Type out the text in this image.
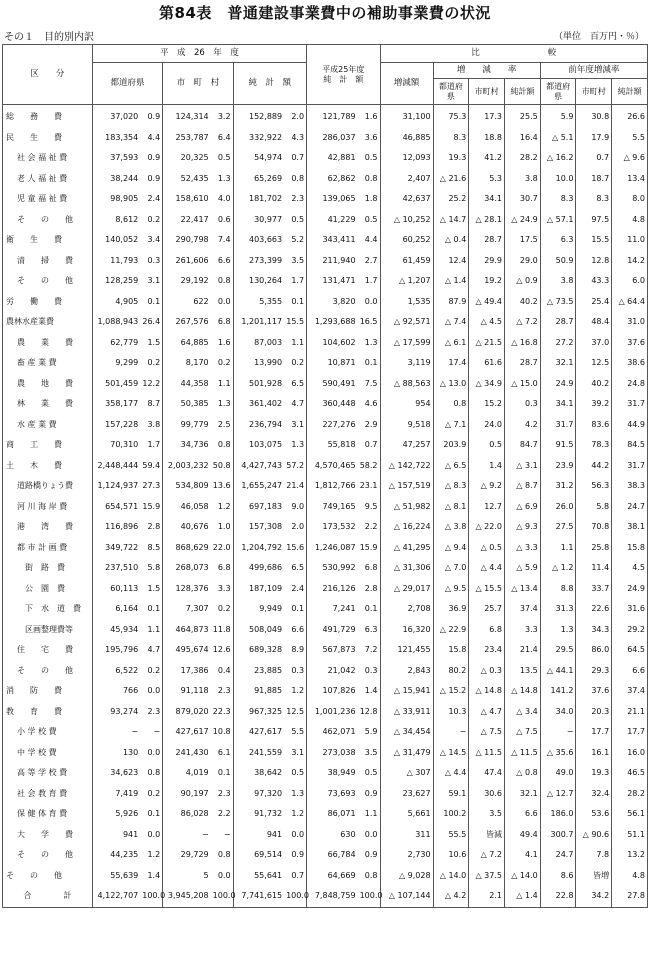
第84表　普通建設事業費中の補助事業費の状況
その１　目的別内訳	（単位　百万円・％）
区　　分	平　成　26　年　度						平成25年度
純　計　額		比　　　　　　　　較						
	都道府県		市　町　村		純　計　額				増減額	増　　減　　率			前年度増減率		
										都道府県	市町村	純計額	都道府県	市町村	純計額
総　　務　　費	37,020	0.9	124,314	3.2	152,889	2.0	121,789	1.6	31,100	75.3	17.3	25.5	5.9	30.8	26.6
民　　生　　費	183,354	4.4	253,787	6.4	332,922	4.3	286,037	3.6	46,885	8.3	18.8	16.4	△ 5.1	17.9	5.5
社 会 福 祉 費	37,593	0.9	20,325	0.5	54,974	0.7	42,881	0.5	12,093	19.3	41.2	28.2	△ 16.2	0.7	△ 9.6
老 人 福 祉 費	38,244	0.9	52,435	1.3	65,269	0.8	62,862	0.8	2,407	△ 21.6	5.3	3.8	10.0	18.7	13.4
児 童 福 祉 費	98,905	2.4	158,610	4.0	181,702	2.3	139,065	1.8	42,637	25.2	34.1	30.7	8.3	8.3	8.0
そ　　の　　他	8,612	0.2	22,417	0.6	30,977	0.5	41,229	0.5	△ 10,252	△ 14.7	△ 28.1	△ 24.9	△ 57.1	97.5	4.8
衛　　生　　費	140,052	3.4	290,798	7.4	403,663	5.2	343,411	4.4	60,252	△ 0.4	28.7	17.5	6.3	15.5	11.0
清　　掃　　費	11,793	0.3	261,606	6.6	273,399	3.5	211,940	2.7	61,459	12.4	29.9	29.0	50.9	12.8	14.2
そ　　の　　他	128,259	3.1	29,192	0.8	130,264	1.7	131,471	1.7	△ 1,207	△ 1.4	19.2	△ 0.9	3.8	43.3	6.0
労　　働　　費	4,905	0.1	622	0.0	5,355	0.1	3,820	0.0	1,535	87.9	△ 49.4	40.2	△ 73.5	25.4	△ 64.4
農林水産業費	1,088,943	26.4	267,576	6.8	1,201,117	15.5	1,293,688	16.5	△ 92,571	△ 7.4	△ 4.5	△ 7.2	28.7	48.4	31.0
農　　業　　費	62,779	1.5	64,885	1.6	87,003	1.1	104,602	1.3	△ 17,599	△ 6.1	△ 21.5	△ 16.8	27.2	37.0	37.6
畜 産 業 費	9,299	0.2	8,170	0.2	13,990	0.2	10,871	0.1	3,119	17.4	61.6	28.7	32.1	12.5	38.6
農　　地　　費	501,459	12.2	44,358	1.1	501,928	6.5	590,491	7.5	△ 88,563	△ 13.0	△ 34.9	△ 15.0	24.9	40.2	24.8
林　　業　　費	358,177	8.7	50,385	1.3	361,402	4.7	360,448	4.6	954	0.8	15.2	0.3	34.1	39.2	31.7
水 産 業 費	157,228	3.8	99,779	2.5	236,794	3.1	227,276	2.9	9,518	△ 7.1	24.0	4.2	31.7	83.6	44.9
商　　工　　費	70,310	1.7	34,736	0.8	103,075	1.3	55,818	0.7	47,257	203.9	0.5	84.7	91.5	78.3	84.5
土　　木　　費	2,448,444	59.4	2,003,232	50.8	4,427,743	57.2	4,570,465	58.2	△ 142,722	△ 6.5	1.4	△ 3.1	23.9	44.2	31.7
道路橋りょう費	1,124,937	27.3	534,809	13.6	1,655,247	21.4	1,812,766	23.1	△ 157,519	△ 8.3	△ 9.2	△ 8.7	31.2	56.3	38.3
河 川 海 岸 費	654,571	15.9	46,058	1.2	697,183	9.0	749,165	9.5	△ 51,982	△ 8.1	12.7	△ 6.9	26.0	5.8	24.7
港　　湾　　費	116,896	2.8	40,676	1.0	157,308	2.0	173,532	2.2	△ 16,224	△ 3.8	△ 22.0	△ 9.3	27.5	70.8	38.1
都 市 計 画 費	349,722	8.5	868,629	22.0	1,204,792	15.6	1,246,087	15.9	△ 41,295	△ 9.4	△ 0.5	△ 3.3	1.1	25.8	15.8
街　路　費	237,510	5.8	268,073	6.8	499,686	6.5	530,992	6.8	△ 31,306	△ 7.0	△ 4.4	△ 5.9	△ 1.2	11.4	4.5
公　園　費	60,113	1.5	128,376	3.3	187,109	2.4	216,126	2.8	△ 29,017	△ 9.5	△ 15.5	△ 13.4	8.8	33.7	24.9
下　水　道　費	6,164	0.1	7,307	0.2	9,949	0.1	7,241	0.1	2,708	36.9	25.7	37.4	31.3	22.6	31.6
区画整理費等	45,934	1.1	464,873	11.8	508,049	6.6	491,729	6.3	16,320	△ 22.9	6.8	3.3	1.3	34.3	29.2
住　　宅　　費	195,796	4.7	495,674	12.6	689,328	8.9	567,873	7.2	121,455	15.8	23.4	21.4	29.5	86.0	64.5
そ　　の　　他	6,522	0.2	17,386	0.4	23,885	0.3	21,042	0.3	2,843	80.2	△ 0.3	13.5	△ 44.1	29.3	6.6
消　　防　　費	766	0.0	91,118	2.3	91,885	1.2	107,826	1.4	△ 15,941	△ 15.2	△ 14.8	△ 14.8	141.2	37.6	37.4
教　　育　　費	93,274	2.3	879,020	22.3	967,325	12.5	1,001,236	12.8	△ 33,911	10.3	△ 4.7	△ 3.4	34.0	20.3	21.1
小 学 校 費	−	−	427,617	10.8	427,617	5.5	462,071	5.9	△ 34,454	−	△ 7.5	△ 7.5	−	17.7	17.7
中 学 校 費	130	0.0	241,430	6.1	241,559	3.1	273,038	3.5	△ 31,479	△ 14.5	△ 11.5	△ 11.5	△ 35.6	16.1	16.0
高 等 学 校 費	34,623	0.8	4,019	0.1	38,642	0.5	38,949	0.5	△ 307	△ 4.4	47.4	△ 0.8	49.0	19.3	46.5
社 会 教 育 費	7,419	0.2	90,197	2.3	97,320	1.3	73,693	0.9	23,627	59.1	30.6	32.1	△ 12.7	32.4	28.2
保 健 体 育 費	5,926	0.1	86,028	2.2	91,732	1.2	86,071	1.1	5,661	100.2	3.5	6.6	186.0	53.6	56.1
大　　学　　費	941	0.0	−	−	941	0.0	630	0.0	311	55.5	皆減	49.4	300.7	△ 90.6	51.1
そ　　の　　他	44,235	1.2	29,729	0.8	69,514	0.9	66,784	0.9	2,730	10.6	△ 7.2	4.1	24.7	7.8	13.2
そ　　の　　他	55,639	1.4	5	0.0	55,641	0.7	64,669	0.8	△ 9,028	△ 14.0	△ 37.5	△ 14.0	8.6	皆増	4.8
合　　　　計	4,122,707	100.0	3,945,208	100.0	7,741,615	100.0	7,848,759	100.0	△ 107,144	△ 4.2	2.1	△ 1.4	22.8	34.2	27.8
